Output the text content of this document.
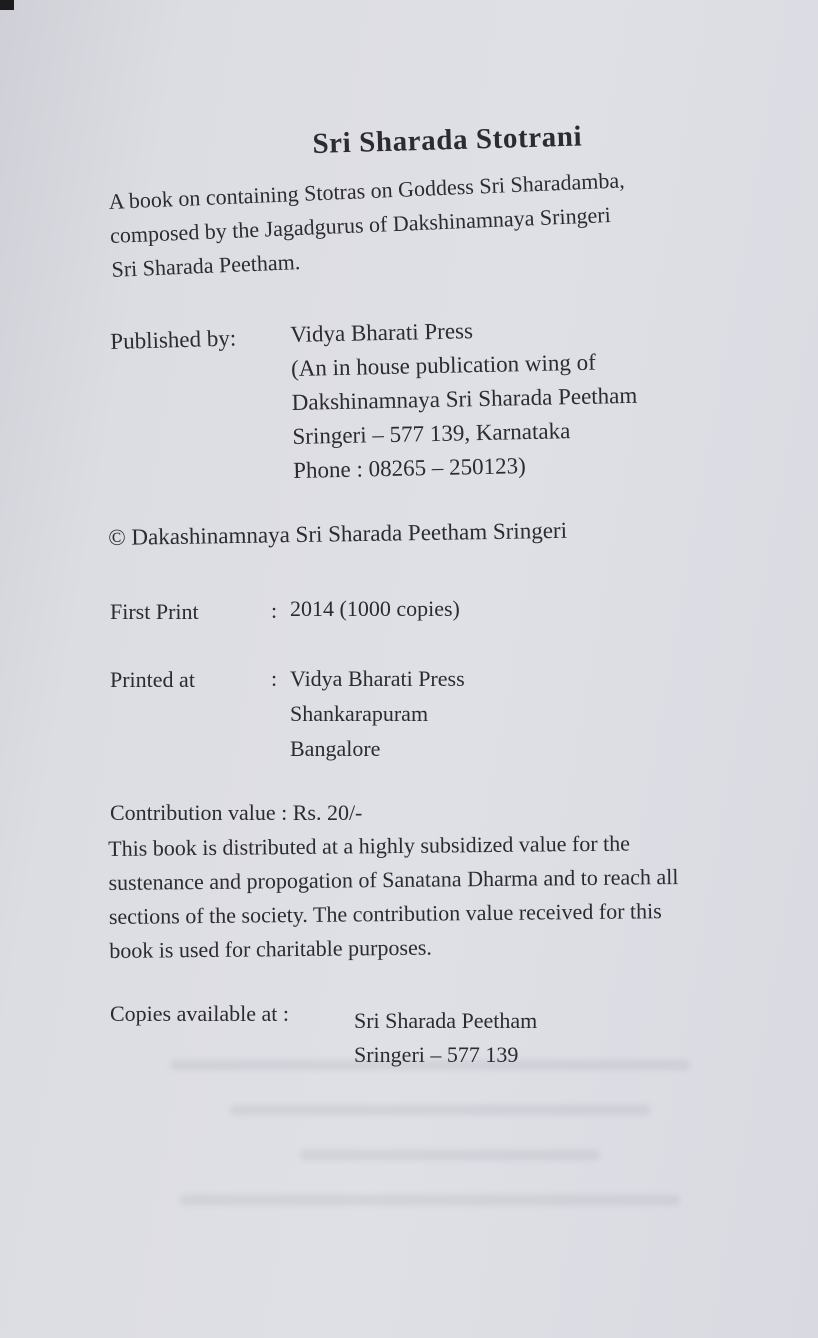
Sri Sharada Stotrani
A book on containing Stotras on Goddess Sri Sharadamba,
composed by the Jagadgurus of Dakshinamnaya Sringeri
Sri Sharada Peetham.
Published by: Vidya Bharati Press
(An in house publication wing of
Dakshinamnaya Sri Sharada Peetham
Sringeri – 577 139, Karnataka
Phone : 08265 – 250123)
© Dakashinamnaya Sri Sharada Peetham Sringeri
First Print	: 2014 (1000 copies)
Printed at	: Vidya Bharati Press
Shankarapuram
Bangalore
Contribution value : Rs. 20/-
This book is distributed at a highly subsidized value for the
sustenance and propogation of Sanatana Dharma and to reach all
sections of the society. The contribution value received for this
book is used for charitable purposes.
Copies available at :	Sri Sharada Peetham
Sringeri – 577 139
